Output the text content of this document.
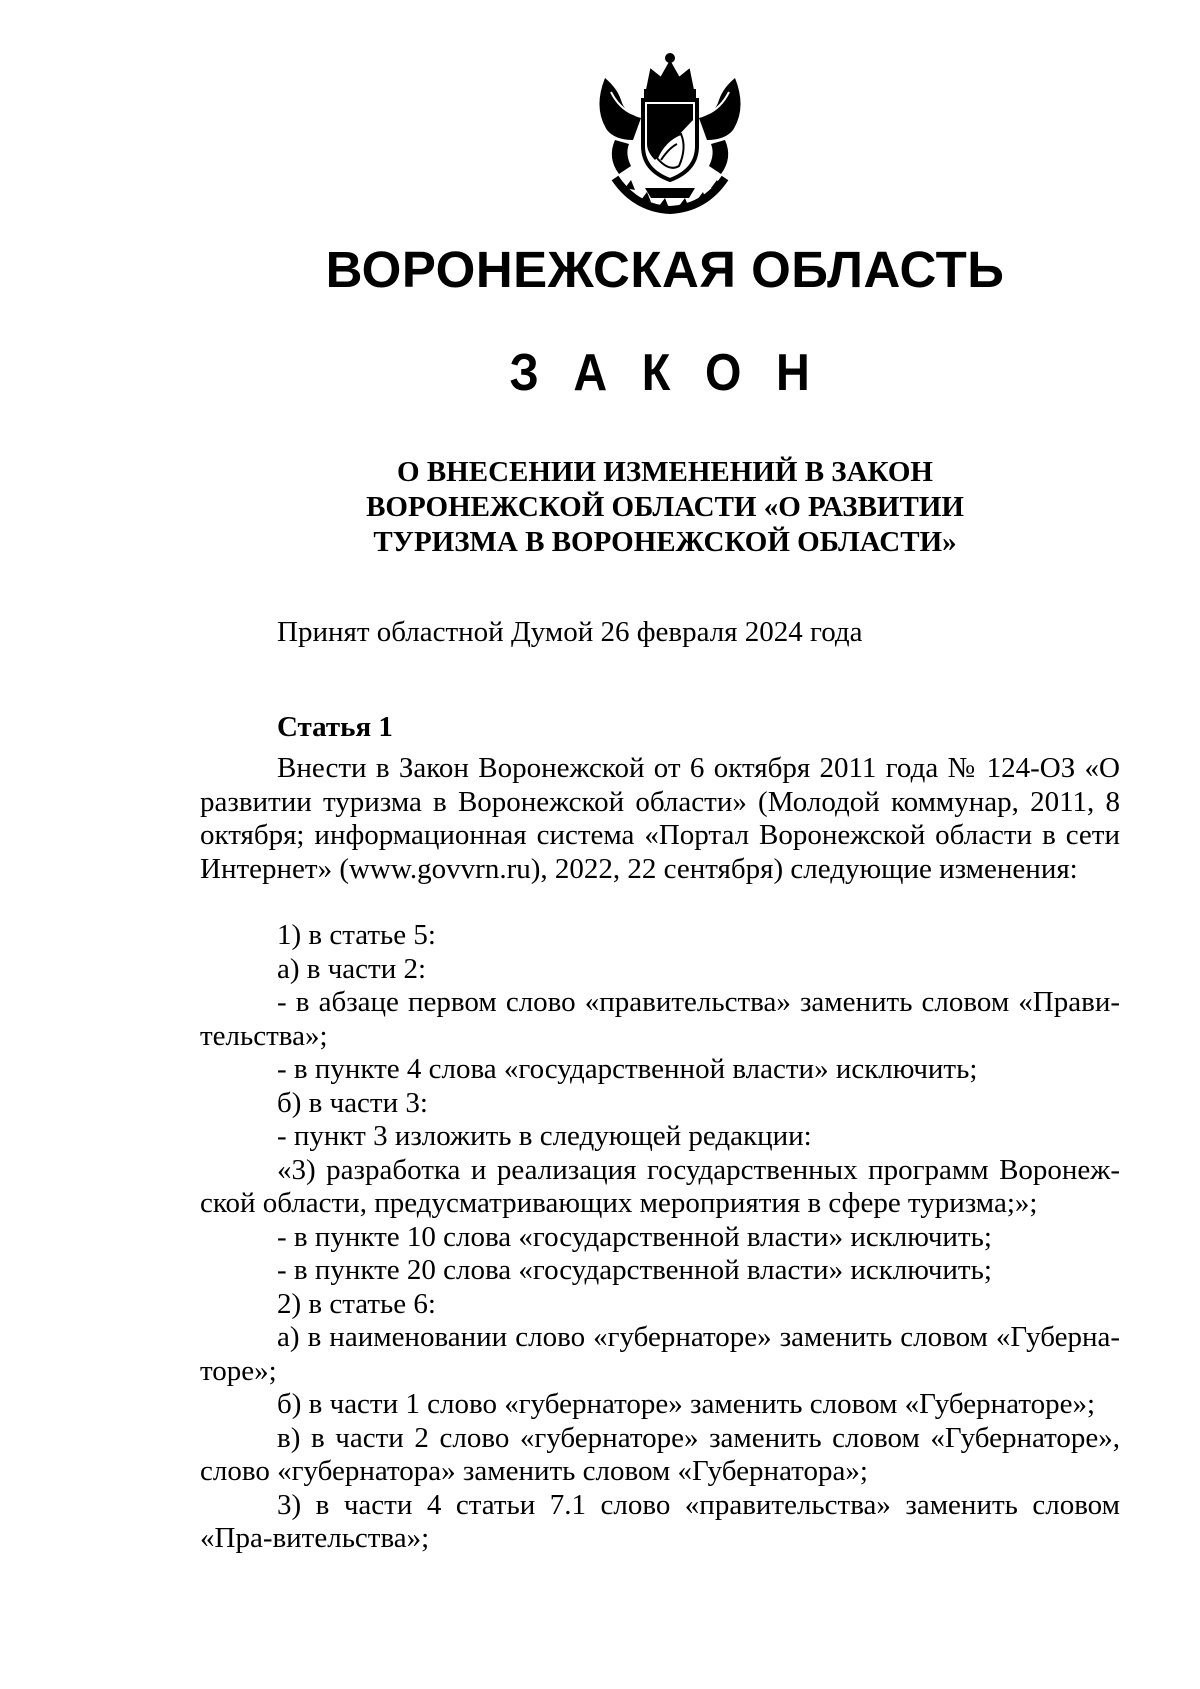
ВОРОНЕЖСКАЯ ОБЛАСТЬ
З А К О Н
О ВНЕСЕНИИ ИЗМЕНЕНИЙ В ЗАКОН
ВОРОНЕЖСКОЙ ОБЛАСТИ «О РАЗВИТИИ
ТУРИЗМА В ВОРОНЕЖСКОЙ ОБЛАСТИ»
Принят областной Думой 26 февраля 2024 года
Статья 1

Внести в Закон Воронежской от 6 октября 2011 года № 124-ОЗ «О развитии туризма в Воронежской области» (Молодой коммунар, 2011, 8 октября; информационная система «Портал Воронежской области в сети Интернет» (www.govvrn.ru), 2022, 22 сентября) следующие изменения:

1) в статье 5:

а) в части 2:

- в абзаце первом слово «правительства» заменить словом «Прави-тельства»;

- в пункте 4 слова «государственной власти» исключить;

б) в части 3:

- пункт 3 изложить в следующей редакции:

«3) разработка и реализация государственных программ Воронеж-ской области, предусматривающих мероприятия в сфере туризма;»;

- в пункте 10 слова «государственной власти» исключить;

- в пункте 20 слова «государственной власти» исключить;

2) в статье 6:

а) в наименовании слово «губернаторе» заменить словом «Губерна-торе»;

б) в части 1 слово «губернаторе» заменить словом «Губернаторе»;

в) в части 2 слово «губернаторе» заменить словом «Губернаторе», слово «губернатора» заменить словом «Губернатора»;

3) в части 4 статьи 7.1 слово «правительства» заменить словом «Пра-вительства»;
